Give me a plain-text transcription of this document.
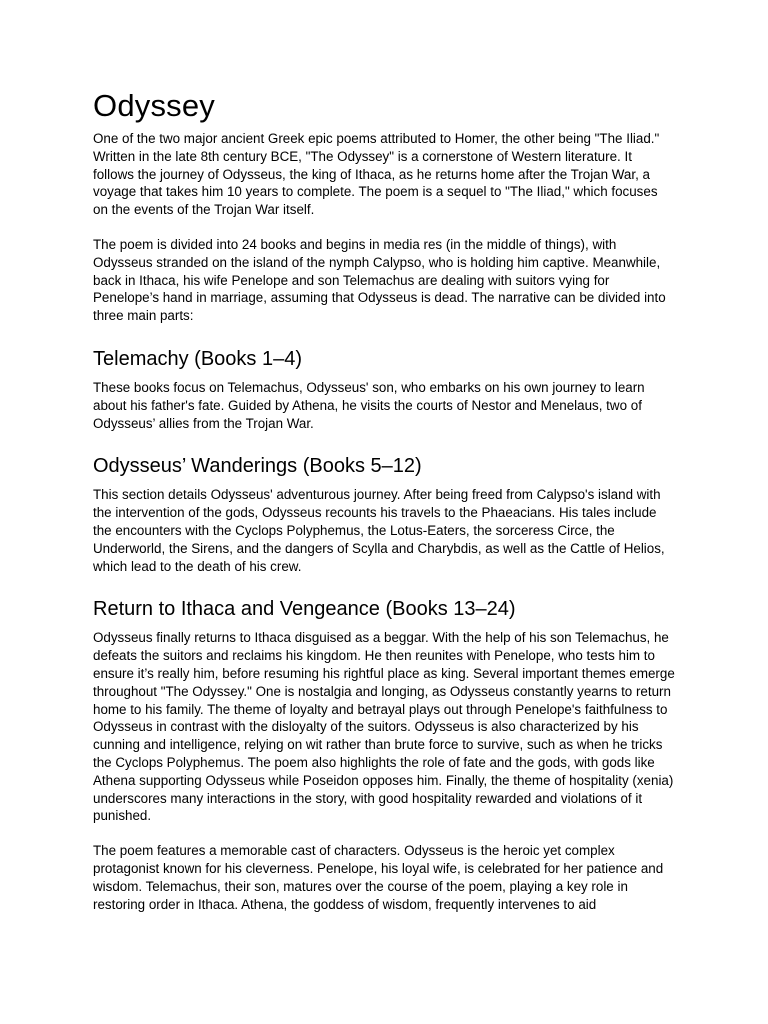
Odyssey

One of the two major ancient Greek epic poems attributed to Homer, the other being "The Iliad." Written in the late 8th century BCE, "The Odyssey" is a cornerstone of Western literature. It follows the journey of Odysseus, the king of Ithaca, as he returns home after the Trojan War, a voyage that takes him 10 years to complete. The poem is a sequel to "The Iliad," which focuses on the events of the Trojan War itself.

The poem is divided into 24 books and begins in media res (in the middle of things), with Odysseus stranded on the island of the nymph Calypso, who is holding him captive. Meanwhile, back in Ithaca, his wife Penelope and son Telemachus are dealing with suitors vying for Penelope’s hand in marriage, assuming that Odysseus is dead. The narrative can be divided into three main parts:

Telemachy (Books 1–4)

These books focus on Telemachus, Odysseus' son, who embarks on his own journey to learn about his father's fate. Guided by Athena, he visits the courts of Nestor and Menelaus, two of Odysseus’ allies from the Trojan War.

Odysseus’ Wanderings (Books 5–12)

This section details Odysseus' adventurous journey. After being freed from Calypso's island with the intervention of the gods, Odysseus recounts his travels to the Phaeacians. His tales include the encounters with the Cyclops Polyphemus, the Lotus-Eaters, the sorceress Circe, the Underworld, the Sirens, and the dangers of Scylla and Charybdis, as well as the Cattle of Helios, which lead to the death of his crew.

Return to Ithaca and Vengeance (Books 13–24)

Odysseus finally returns to Ithaca disguised as a beggar. With the help of his son Telemachus, he defeats the suitors and reclaims his kingdom. He then reunites with Penelope, who tests him to ensure it’s really him, before resuming his rightful place as king. Several important themes emerge throughout "The Odyssey." One is nostalgia and longing, as Odysseus constantly yearns to return home to his family. The theme of loyalty and betrayal plays out through Penelope's faithfulness to Odysseus in contrast with the disloyalty of the suitors. Odysseus is also characterized by his cunning and intelligence, relying on wit rather than brute force to survive, such as when he tricks the Cyclops Polyphemus. The poem also highlights the role of fate and the gods, with gods like Athena supporting Odysseus while Poseidon opposes him. Finally, the theme of hospitality (xenia) underscores many interactions in the story, with good hospitality rewarded and violations of it punished.

The poem features a memorable cast of characters. Odysseus is the heroic yet complex protagonist known for his cleverness. Penelope, his loyal wife, is celebrated for her patience and wisdom. Telemachus, their son, matures over the course of the poem, playing a key role in restoring order in Ithaca. Athena, the goddess of wisdom, frequently intervenes to aid
